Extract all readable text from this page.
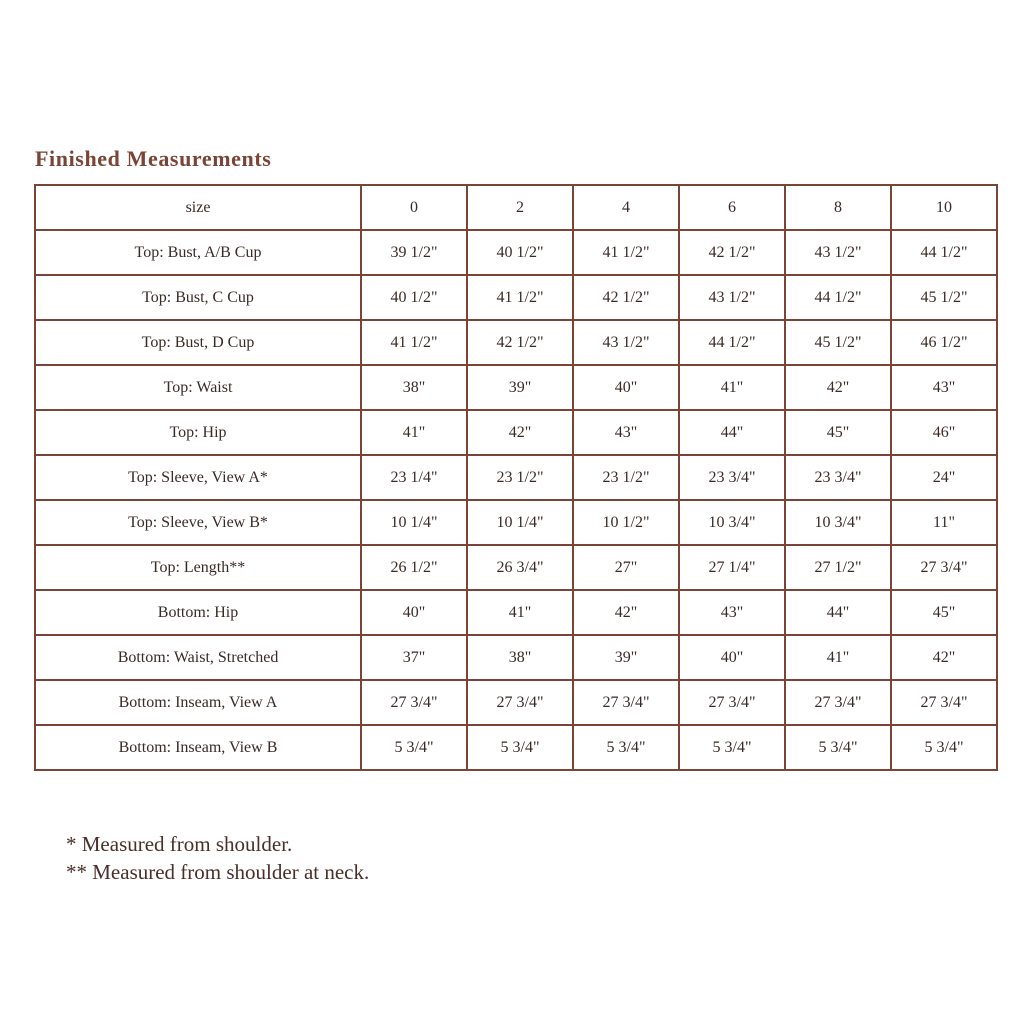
Finished Measurements
size	0	2	4	6	8	10
Top: Bust, A/B Cup	39 1/2"	40 1/2"	41 1/2"	42 1/2"	43 1/2"	44 1/2"
Top: Bust, C Cup	40 1/2"	41 1/2"	42 1/2"	43 1/2"	44 1/2"	45 1/2"
Top: Bust, D Cup	41 1/2"	42 1/2"	43 1/2"	44 1/2"	45 1/2"	46 1/2"
Top: Waist	38"	39"	40"	41"	42"	43"
Top: Hip	41"	42"	43"	44"	45"	46"
Top: Sleeve, View A*	23 1/4"	23 1/2"	23 1/2"	23 3/4"	23 3/4"	24"
Top: Sleeve, View B*	10 1/4"	10 1/4"	10 1/2"	10 3/4"	10 3/4"	11"
Top: Length**	26 1/2"	26 3/4"	27"	27 1/4"	27 1/2"	27 3/4"
Bottom: Hip	40"	41"	42"	43"	44"	45"
Bottom: Waist, Stretched	37"	38"	39"	40"	41"	42"
Bottom: Inseam, View A	27 3/4"	27 3/4"	27 3/4"	27 3/4"	27 3/4"	27 3/4"
Bottom: Inseam, View B	5 3/4"	5 3/4"	5 3/4"	5 3/4"	5 3/4"	5 3/4"
* Measured from shoulder.
** Measured from shoulder at neck.
